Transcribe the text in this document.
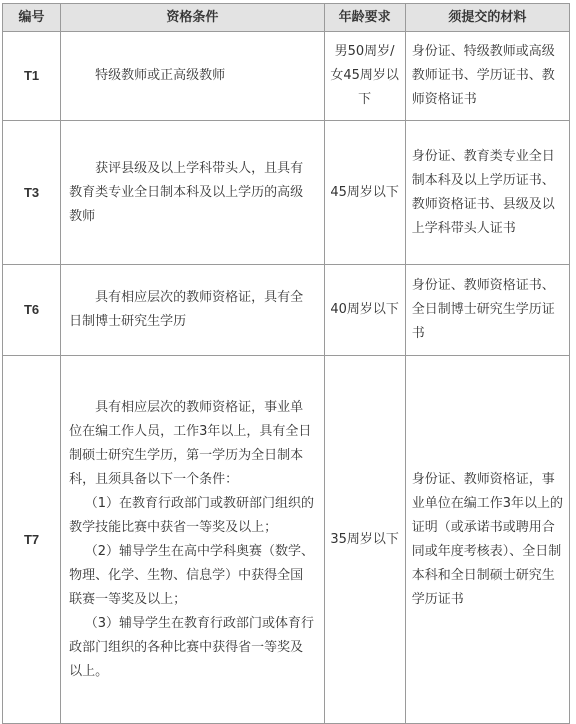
编号	资格条件	年龄要求	须提交的材料
T1	特级教师或正高级教师	男50周岁/女45周岁以下	身份证、特级教师或高级教师证书、学历证书、教师资格证书
T3	获评县级及以上学科带头人，且具有教育类专业全日制本科及以上学历的高级教师	45周岁以下	身份证、教育类专业全日制本科及以上学历证书、教师资格证书、县级及以上学科带头人证书
T6	具有相应层次的教师资格证，具有全日制博士研究生学历	40周岁以下	身份证、教师资格证书、全日制博士研究生学历证书
T7	具有相应层次的教师资格证，事业单位在编工作人员，工作3年以上，具有全日制硕士研究生学历，第一学历为全日制本科，且须具备以下一个条件：

（1）在教育行政部门或教研部门组织的教学技能比赛中获省一等奖及以上；

（2）辅导学生在高中学科奥赛（数学、物理、化学、生物、信息学）中获得全国联赛一等奖及以上；

（3）辅导学生在教育行政部门或体育行政部门组织的各种比赛中获得省一等奖及以上。	35周岁以下	身份证、教师资格证，事业单位在编工作3年以上的证明（或承诺书或聘用合同或年度考核表）、全日制本科和全日制硕士研究生学历证书
